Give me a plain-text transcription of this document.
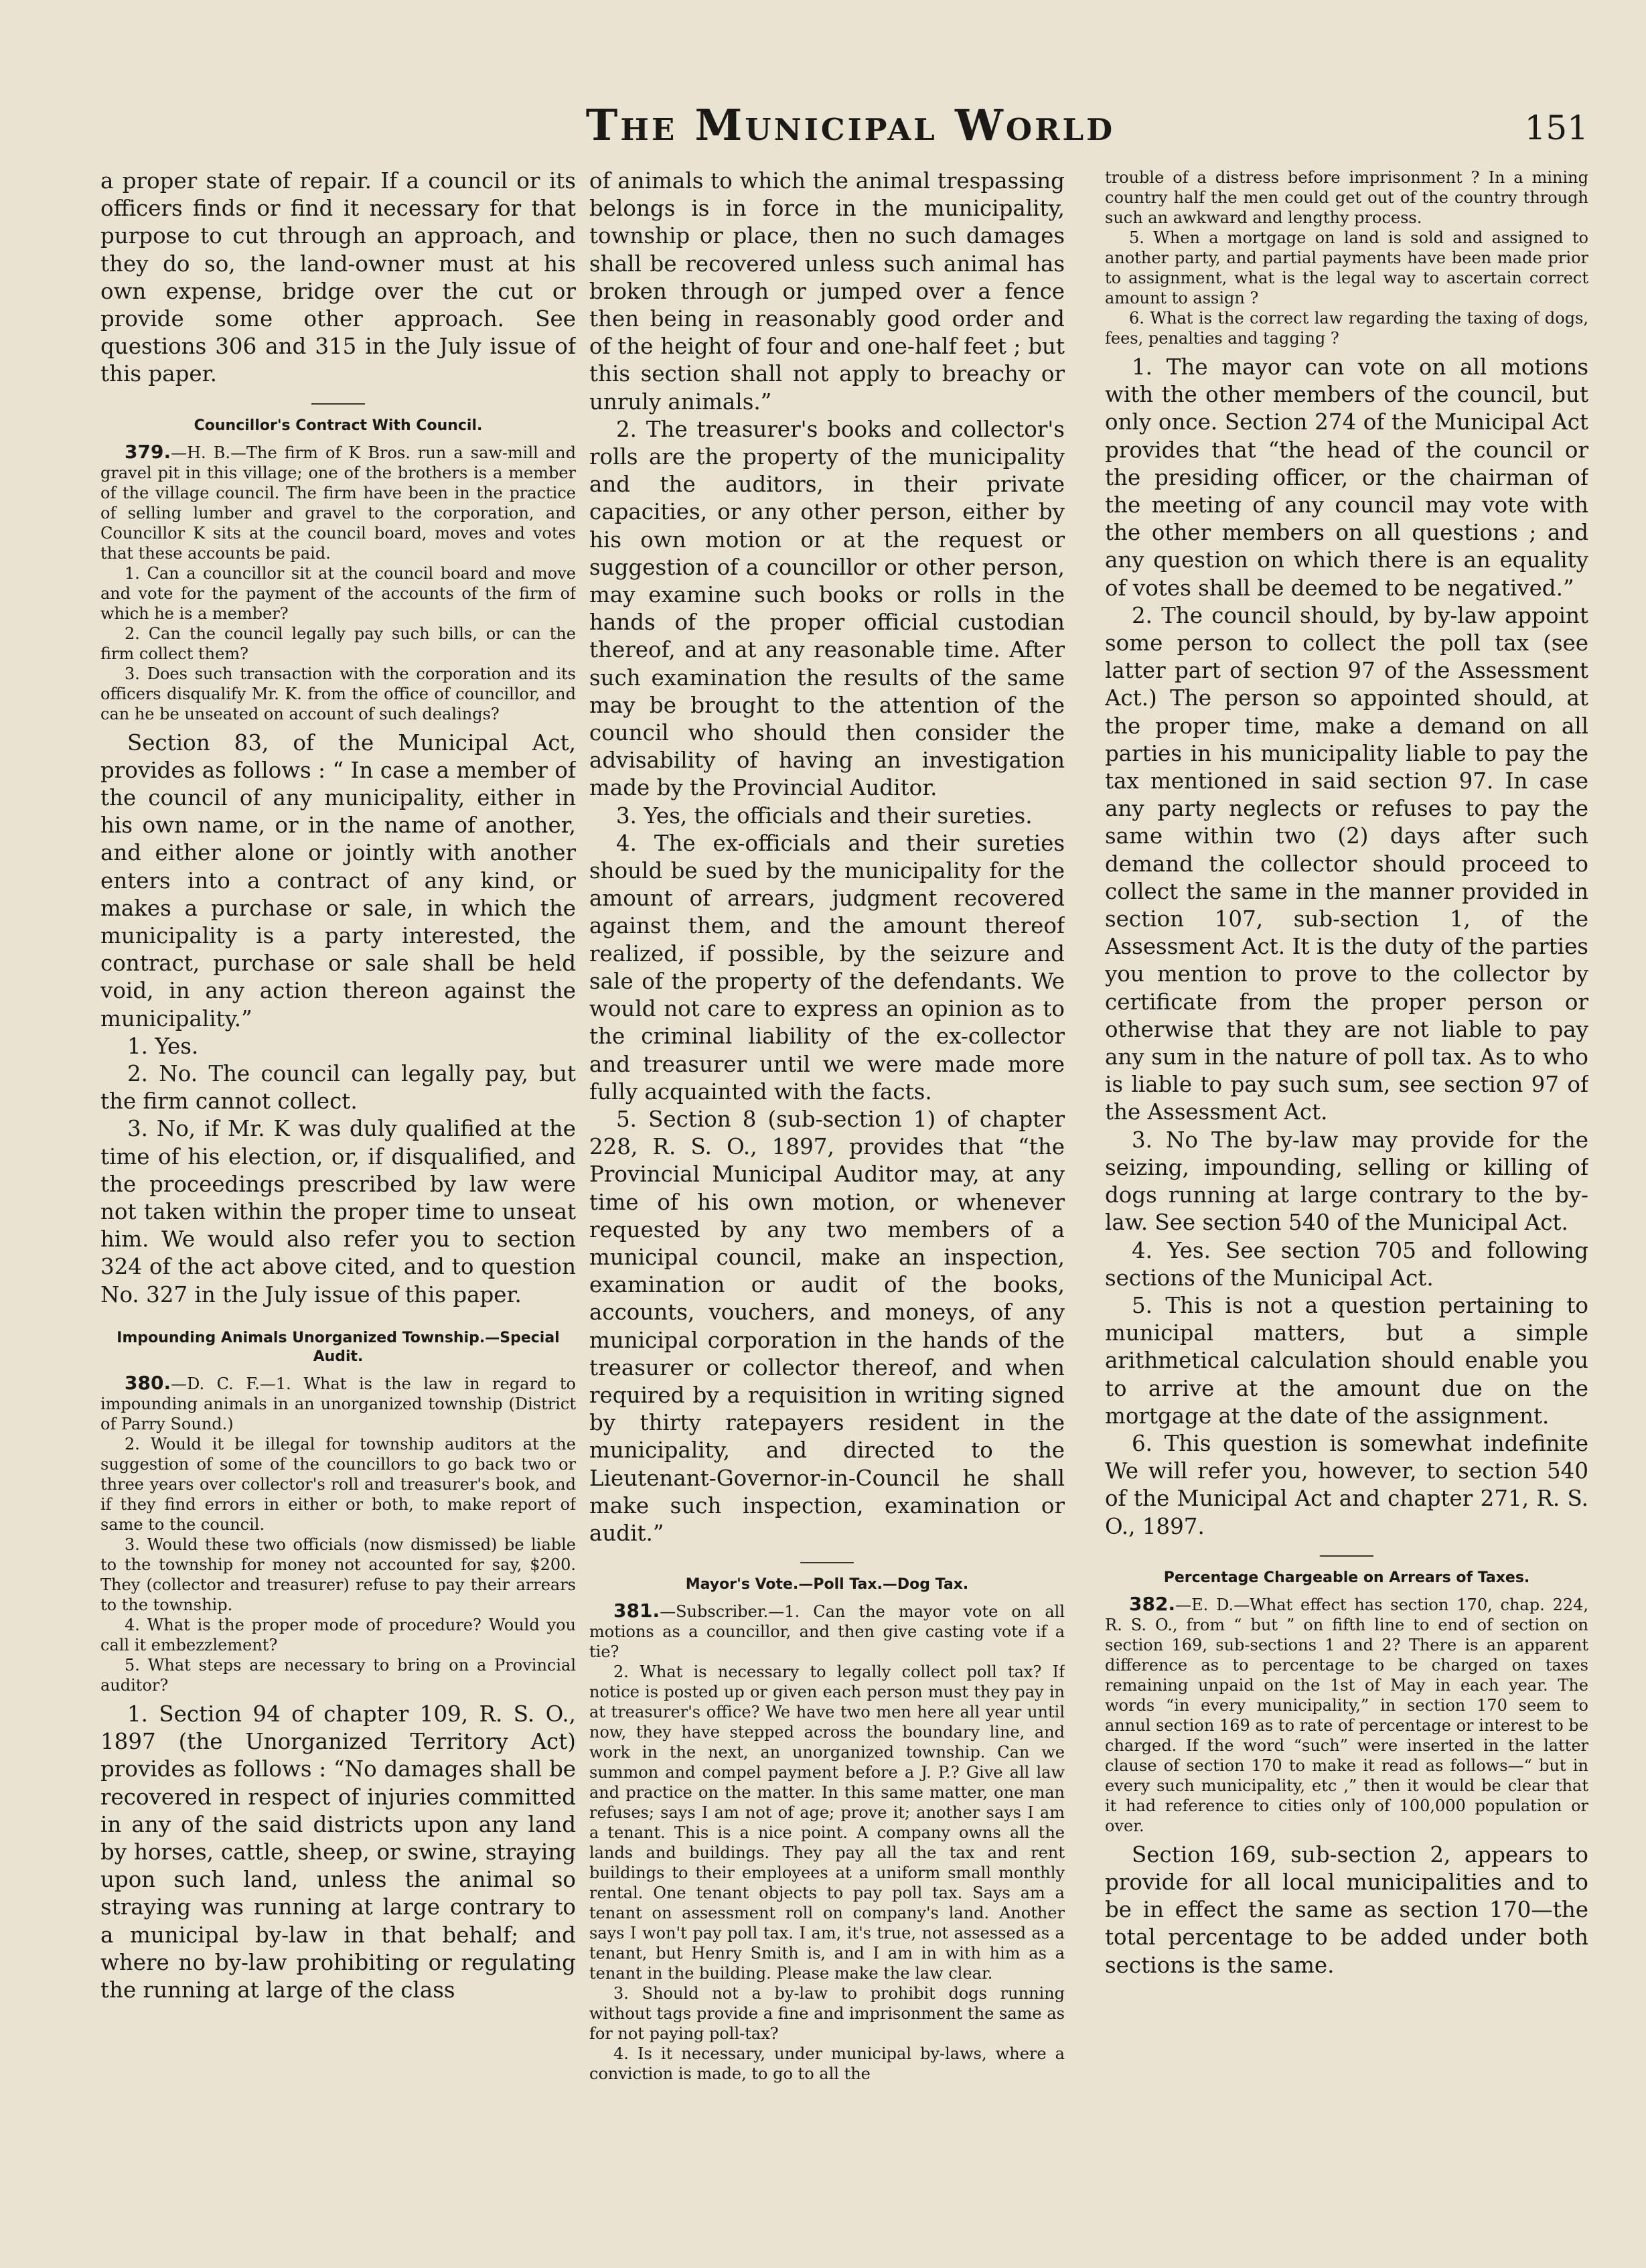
The Municipal World	151

a proper state of repair. If a council or its officers finds or find it necessary for that purpose to cut through an approach, and they do so, the land-owner must at his own expense, bridge over the cut or provide some other approach. See questions 306 and 315 in the July issue of this paper.

Councillor's Contract With Council.

379.—H. B.—The firm of K Bros. run a saw-mill and gravel pit in this village; one of the brothers is a member of the village council. The firm have been in the practice of selling lumber and gravel to the corporation, and Councillor K sits at the council board, moves and votes that these accounts be paid.

1. Can a councillor sit at the council board and move and vote for the payment of the accounts of the firm of which he is a member?

2. Can the council legally pay such bills, or can the firm collect them?

3. Does such transaction with the corporation and its officers disqualify Mr. K. from the office of councillor, and can he be unseated on account of such dealings?

Section 83, of the Municipal Act, provides as follows : “ In case a member of the council of any municipality, either in his own name, or in the name of another, and either alone or jointly with another enters into a contract of any kind, or makes a purchase or sale, in which the municipality is a party interested, the contract, purchase or sale shall be held void, in any action thereon against the municipality.”

1. Yes.

2. No. The council can legally pay, but the firm cannot collect.

3. No, if Mr. K was duly qualified at the time of his election, or, if disqualified, and the proceedings prescribed by law were not taken within the proper time to unseat him. We would also refer you to section 324 of the act above cited, and to question No. 327 in the July issue of this paper.

Impounding Animals Unorganized Township.—Special Audit.

380.—D. C. F.—1. What is the law in regard to impounding animals in an unorganized township (District of Parry Sound.)

2. Would it be illegal for township auditors at the suggestion of some of the councillors to go back two or three years over collector's roll and treasurer's book, and if they find errors in either or both, to make report of same to the council.

3. Would these two officials (now dismissed) be liable to the township for money not accounted for say, $200. They (collector and treasurer) refuse to pay their arrears to the township.

4. What is the proper mode of procedure? Would you call it embezzlement?

5. What steps are necessary to bring on a Provincial auditor?

1. Section 94 of chapter 109, R. S. O., 1897 (the Unorganized Territory Act) provides as follows : “No damages shall be recovered in respect of injuries committed in any of the said districts upon any land by horses, cattle, sheep, or swine, straying upon such land, unless the animal so straying was running at large contrary to a municipal by-law in that behalf; and where no by-law prohibiting or regulating the running at large of the class

of animals to which the animal trespassing belongs is in force in the municipality, township or place, then no such damages shall be recovered unless such animal has broken through or jumped over a fence then being in reasonably good order and of the height of four and one-half feet ; but this section shall not apply to breachy or unruly animals.”

2. The treasurer's books and collector's rolls are the property of the municipality and the auditors, in their private capacities, or any other person, either by his own motion or at the request or suggestion of a councillor or other person, may examine such books or rolls in the hands of the proper official custodian thereof, and at any reasonable time. After such examination the results of the same may be brought to the attention of the council who should then consider the advisability of having an investigation made by the Provincial Auditor.

3. Yes, the officials and their sureties.

4. The ex-officials and their sureties should be sued by the municipality for the amount of arrears, judgment recovered against them, and the amount thereof realized, if possible, by the seizure and sale of the property of the defendants. We would not care to express an opinion as to the criminal liability of the ex-collector and treasurer until we were made more fully acquainted with the facts.

5. Section 8 (sub-section 1) of chapter 228, R. S. O., 1897, provides that “the Provincial Municipal Auditor may, at any time of his own motion, or whenever requested by any two members of a municipal council, make an inspection, examination or audit of the books, accounts, vouchers, and moneys, of any municipal corporation in the hands of the treasurer or collector thereof, and when required by a requisition in writing signed by thirty ratepayers resident in the municipality, and directed to the Lieutenant-Governor-in-Council he shall make such inspection, examination or audit.”

Mayor's Vote.—Poll Tax.—Dog Tax.

381.—Subscriber.—1. Can the mayor vote on all motions as a councillor, and then give casting vote if a tie?

2. What is necessary to legally collect poll tax? If notice is posted up or given each person must they pay in at treasurer's office? We have two men here all year until now, they have stepped across the boundary line, and work in the next, an unorganized township. Can we summon and compel payment before a J. P.? Give all law and practice on the matter. In this same matter, one man refuses; says I am not of age; prove it; another says I am a tenant. This is a nice point. A company owns all the lands and buildings. They pay all the tax and rent buildings to their employees at a uniform small monthly rental. One tenant objects to pay poll tax. Says am a tenant on assessment roll on company's land. Another says I won't pay poll tax. I am, it's true, not assessed as a tenant, but Henry Smith is, and I am in with him as a tenant in the building. Please make the law clear.

3. Should not a by-law to prohibit dogs running without tags provide a fine and imprisonment the same as for not paying poll-tax?

4. Is it necessary, under municipal by-laws, where a conviction is made, to go to all the

trouble of a distress before imprisonment ? In a mining country half the men could get out of the country through such an awkward and lengthy process.

5. When a mortgage on land is sold and assigned to another party, and partial payments have been made prior to assignment, what is the legal way to ascertain correct amount to assign ?

6. What is the correct law regarding the taxing of dogs, fees, penalties and tagging ?

1. The mayor can vote on all motions with the other members of the council, but only once. Section 274 of the Municipal Act provides that “the head of the council or the presiding officer, or the chairman of the meeting of any council may vote with the other members on all questions ; and any question on which there is an equality of votes shall be deemed to be negatived.”

2. The council should, by by-law appoint some person to collect the poll tax (see latter part of section 97 of the Assessment Act.) The person so appointed should, at the proper time, make a demand on all parties in his municipality liable to pay the tax mentioned in said section 97. In case any party neglects or refuses to pay the same within two (2) days after such demand the collector should proceed to collect the same in the manner provided in section 107, sub-section 1, of the Assessment Act. It is the duty of the parties you mention to prove to the collector by certificate from the proper person or otherwise that they are not liable to pay any sum in the nature of poll tax. As to who is liable to pay such sum, see section 97 of the Assessment Act.

3. No The by-law may provide for the seizing, impounding, selling or killing of dogs running at large contrary to the by-law. See section 540 of the Municipal Act.

4. Yes. See section 705 and following sections of the Municipal Act.

5. This is not a question pertaining to municipal matters, but a simple arithmetical calculation should enable you to arrive at the amount due on the mortgage at the date of the assignment.

6. This question is somewhat indefinite We will refer you, however, to section 540 of the Municipal Act and chapter 271, R. S. O., 1897.

Percentage Chargeable on Arrears of Taxes.

382.—E. D.—What effect has section 170, chap. 224, R. S. O., from “ but ” on fifth line to end of section on section 169, sub-sections 1 and 2? There is an apparent difference as to percentage to be charged on taxes remaining unpaid on the 1st of May in each year. The words “in every municipality,” in section 170 seem to annul section 169 as to rate of percentage or interest to be charged. If the word “such” were inserted in the latter clause of section 170 to make it read as follows—“ but in every such municipality, etc ,” then it would be clear that it had reference to cities only of 100,000 population or over.

Section 169, sub-section 2, appears to provide for all local municipalities and to be in effect the same as section 170—the total percentage to be added under both sections is the same.
